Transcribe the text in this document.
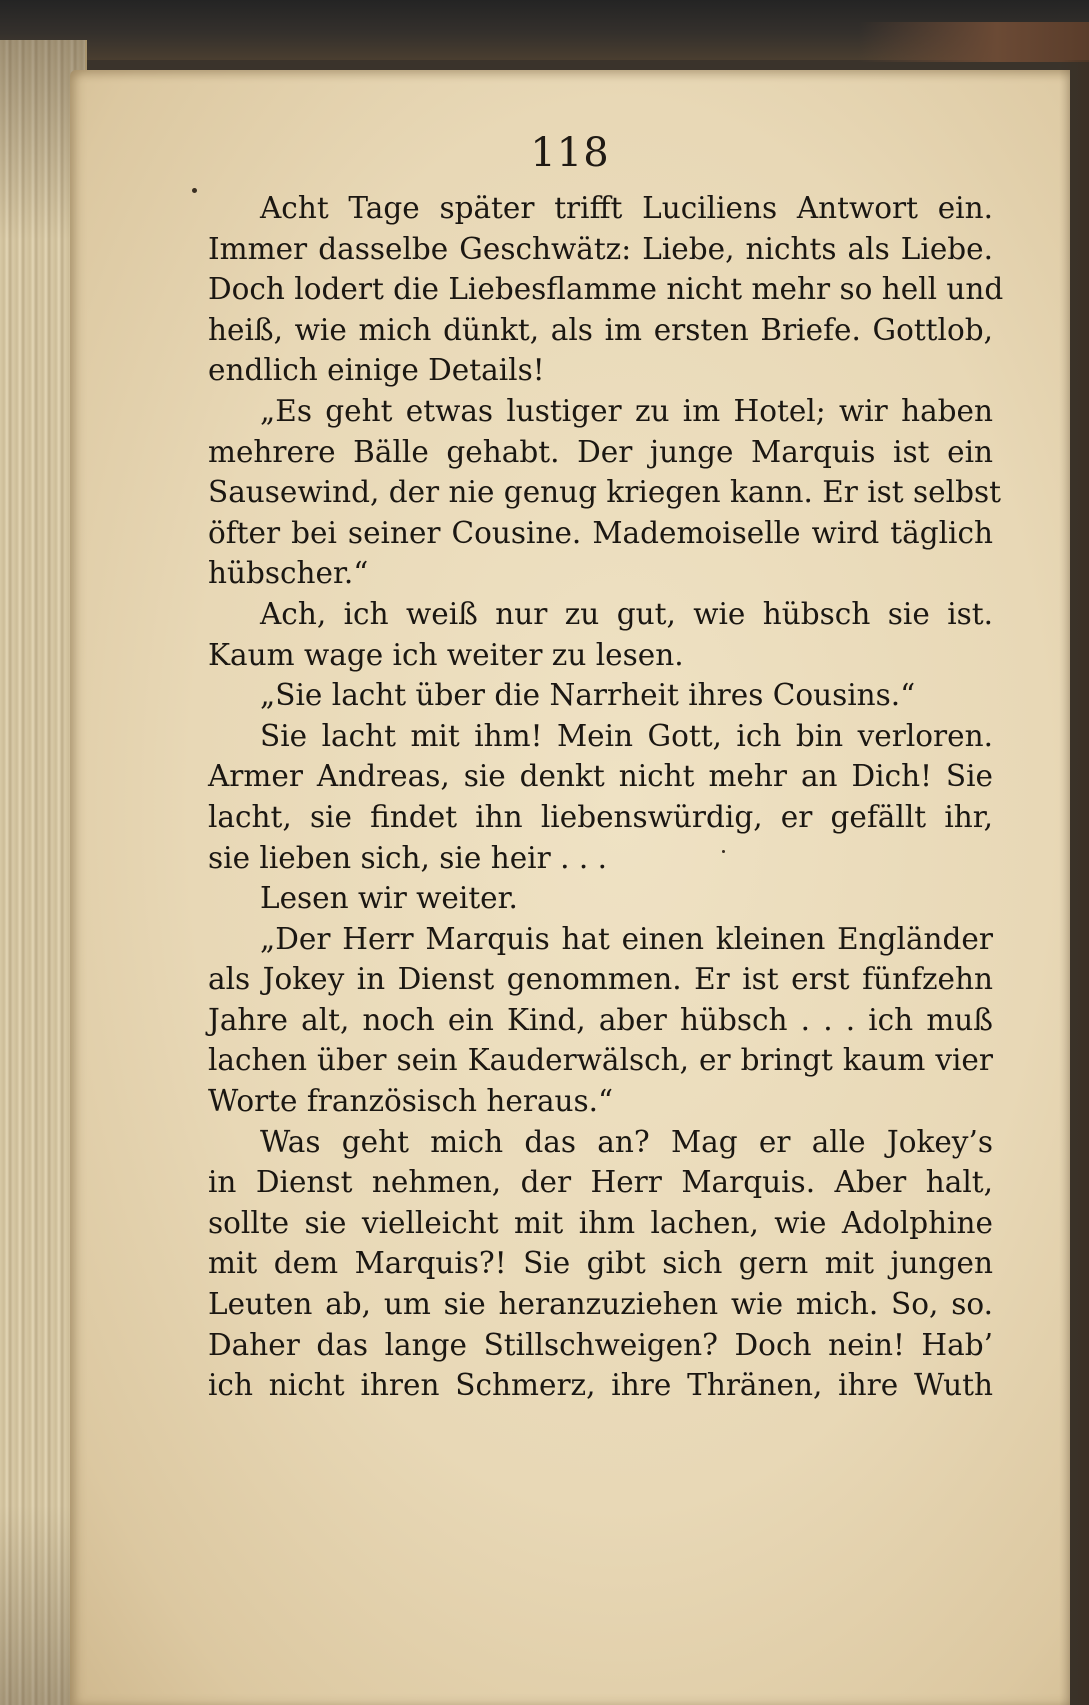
118
Acht Tage später trifft Luciliens Antwort ein.
Immer dasselbe Geschwätz: Liebe, nichts als Liebe.
Doch lodert die Liebesflamme nicht mehr so hell und
heiß, wie mich dünkt, als im ersten Briefe. Gottlob,
endlich einige Details!
„Es geht etwas lustiger zu im Hotel; wir haben
mehrere Bälle gehabt. Der junge Marquis ist ein
Sausewind, der nie genug kriegen kann. Er ist selbst
öfter bei seiner Cousine. Mademoiselle wird täglich
hübscher.“
Ach, ich weiß nur zu gut, wie hübsch sie ist.
Kaum wage ich weiter zu lesen.
„Sie lacht über die Narrheit ihres Cousins.“
Sie lacht mit ihm! Mein Gott, ich bin verloren.
Armer Andreas, sie denkt nicht mehr an Dich! Sie
lacht, sie findet ihn liebenswürdig, er gefällt ihr,
sie lieben sich, sie heir . . .
Lesen wir weiter.
„Der Herr Marquis hat einen kleinen Engländer
als Jokey in Dienst genommen. Er ist erst fünfzehn
Jahre alt, noch ein Kind, aber hübsch . . . ich muß
lachen über sein Kauderwälsch, er bringt kaum vier
Worte französisch heraus.“
Was geht mich das an? Mag er alle Jokey’s
in Dienst nehmen, der Herr Marquis. Aber halt,
sollte sie vielleicht mit ihm lachen, wie Adolphine
mit dem Marquis?! Sie gibt sich gern mit jungen
Leuten ab, um sie heranzuziehen wie mich. So, so.
Daher das lange Stillschweigen? Doch nein! Hab’
ich nicht ihren Schmerz, ihre Thränen, ihre Wuth
